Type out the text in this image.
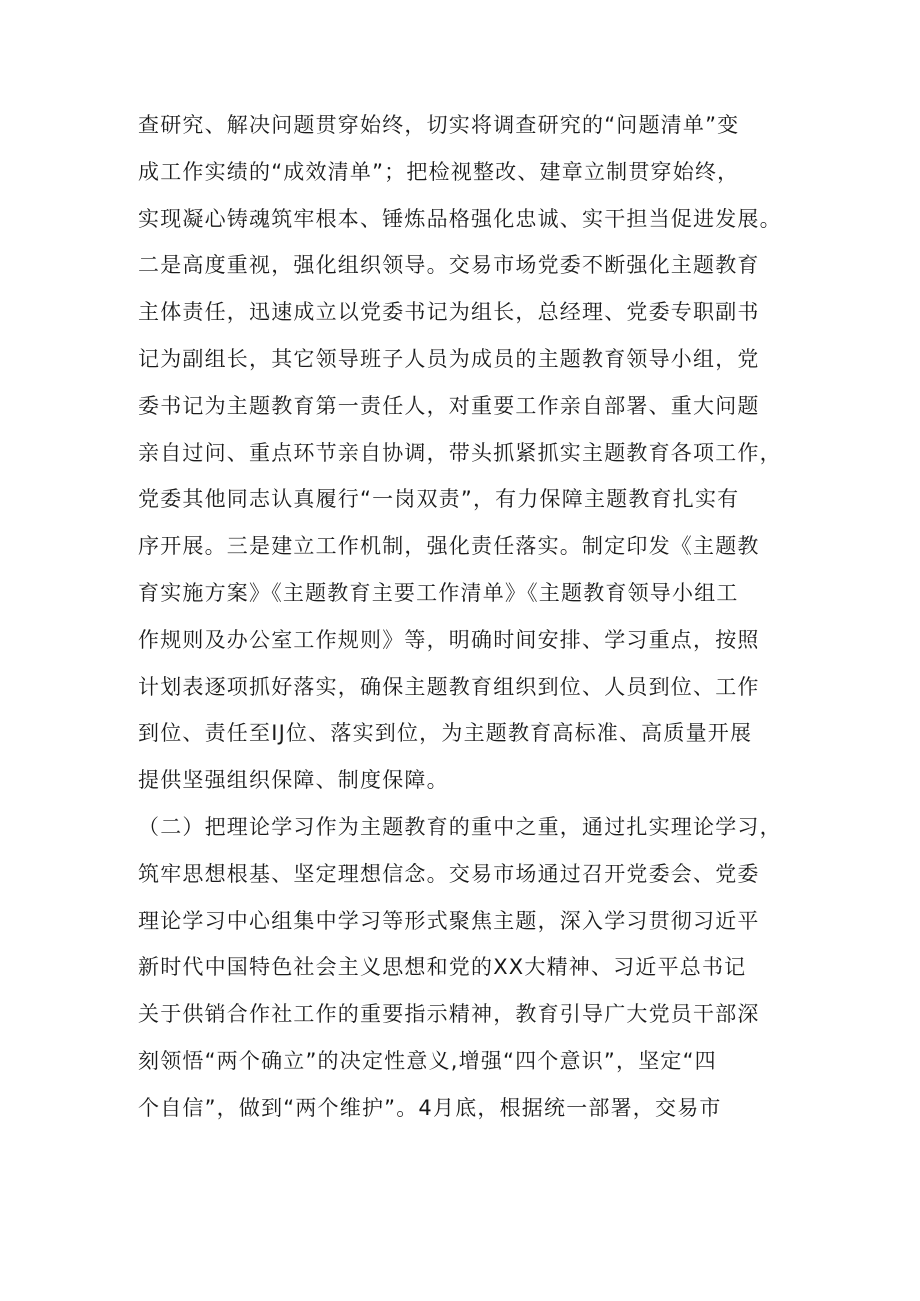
查研究、解决问题贯穿始终，切实将调查研究的“问题清单”变
成工作实绩的“成效清单”；把检视整改、建章立制贯穿始终，
实现凝心铸魂筑牢根本、锤炼品格强化忠诚、实干担当促进发展。
二是高度重视，强化组织领导。交易市场党委不断强化主题教育
主体责任，迅速成立以党委书记为组长，总经理、党委专职副书
记为副组长，其它领导班子人员为成员的主题教育领导小组，党
委书记为主题教育第一责任人，对重要工作亲自部署、重大问题
亲自过问、重点环节亲自协调，带头抓紧抓实主题教育各项工作，
党委其他同志认真履行“一岗双责”，有力保障主题教育扎实有
序开展。三是建立工作机制，强化责任落实。制定印发《主题教
育实施方案》《主题教育主要工作清单》《主题教育领导小组工
作规则及办公室工作规则》等，明确时间安排、学习重点，按照
计划表逐项抓好落实，确保主题教育组织到位、人员到位、工作
到位、责任至IJ位、落实到位，为主题教育高标准、高质量开展
提供坚强组织保障、制度保障。
（二）把理论学习作为主题教育的重中之重，通过扎实理论学习，
筑牢思想根基、坚定理想信念。交易市场通过召开党委会、党委
理论学习中心组集中学习等形式聚焦主题，深入学习贯彻习近平
新时代中国特色社会主义思想和党的XX大精神、习近平总书记
关于供销合作社工作的重要指示精神，教育引导广大党员干部深
刻领悟“两个确立”的决定性意义,增强“四个意识”，坚定“四
个自信”，做到“两个维护”。4月底，根据统一部署，交易市
